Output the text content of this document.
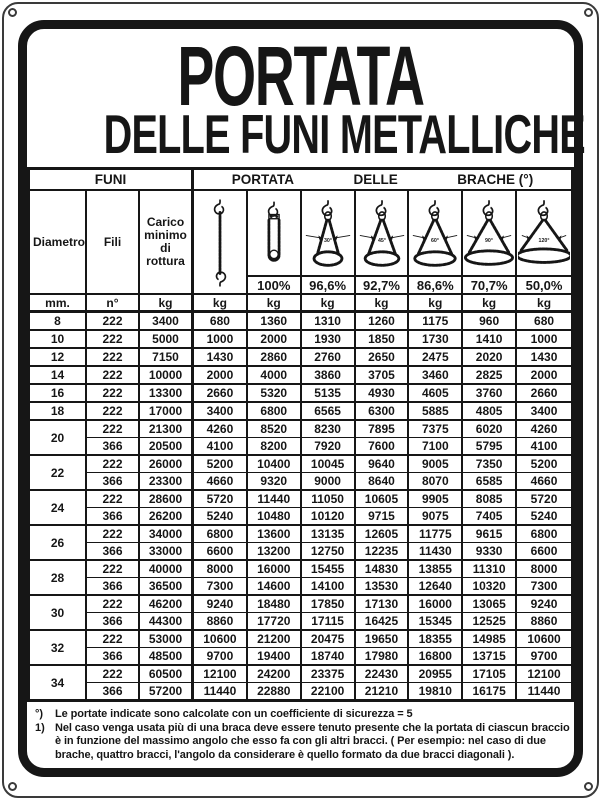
PORTATA
DELLE FUNI METALLICHE
FUNI			PORTATA DELLE BRACHE (°)						

Diametro	Fili	Carico minimo di rottura			30°	45°	60°	90°	120°

				100%	96,6%	92,7%	86,6%	70,7%	50,0%
mm.	n°	kg	kg	kg	kg	kg	kg	kg	kg
8	222	3400	680	1360	1310	1260	1175	960	680
10	222	5000	1000	2000	1930	1850	1730	1410	1000
12	222	7150	1430	2860	2760	2650	2475	2020	1430
14	222	10000	2000	4000	3860	3705	3460	2825	2000
16	222	13300	2660	5320	5135	4930	4605	3760	2660
18	222	17000	3400	6800	6565	6300	5885	4805	3400
20	222	21300	4260	8520	8230	7895	7375	6020	4260
	366	20500	4100	8200	7920	7600	7100	5795	4100
22	222	26000	5200	10400	10045	9640	9005	7350	5200
	366	23300	4660	9320	9000	8640	8070	6585	4660
24	222	28600	5720	11440	11050	10605	9905	8085	5720
	366	26200	5240	10480	10120	9715	9075	7405	5240
26	222	34000	6800	13600	13135	12605	11775	9615	6800
	366	33000	6600	13200	12750	12235	11430	9330	6600
28	222	40000	8000	16000	15455	14830	13855	11310	8000
	366	36500	7300	14600	14100	13530	12640	10320	7300
30	222	46200	9240	18480	17850	17130	16000	13065	9240
	366	44300	8860	17720	17115	16425	15345	12525	8860
32	222	53000	10600	21200	20475	19650	18355	14985	10600
	366	48500	9700	19400	18740	17980	16800	13715	9700
34	222	60500	12100	24200	23375	22430	20955	17105	12100
	366	57200	11440	22880	22100	21210	19810	16175	11440
°)	Le portate indicate sono calcolate con un coefficiente di sicurezza = 5
1) Nel caso venga usata più di una braca deve essere tenuto presente che la portata di ciascun braccio è in funzione del massimo angolo che esso fa con gli altri bracci. ( Per esempio: nel caso di due brache, quattro bracci, l'angolo da considerare è quello formato da due bracci diagonali ).
